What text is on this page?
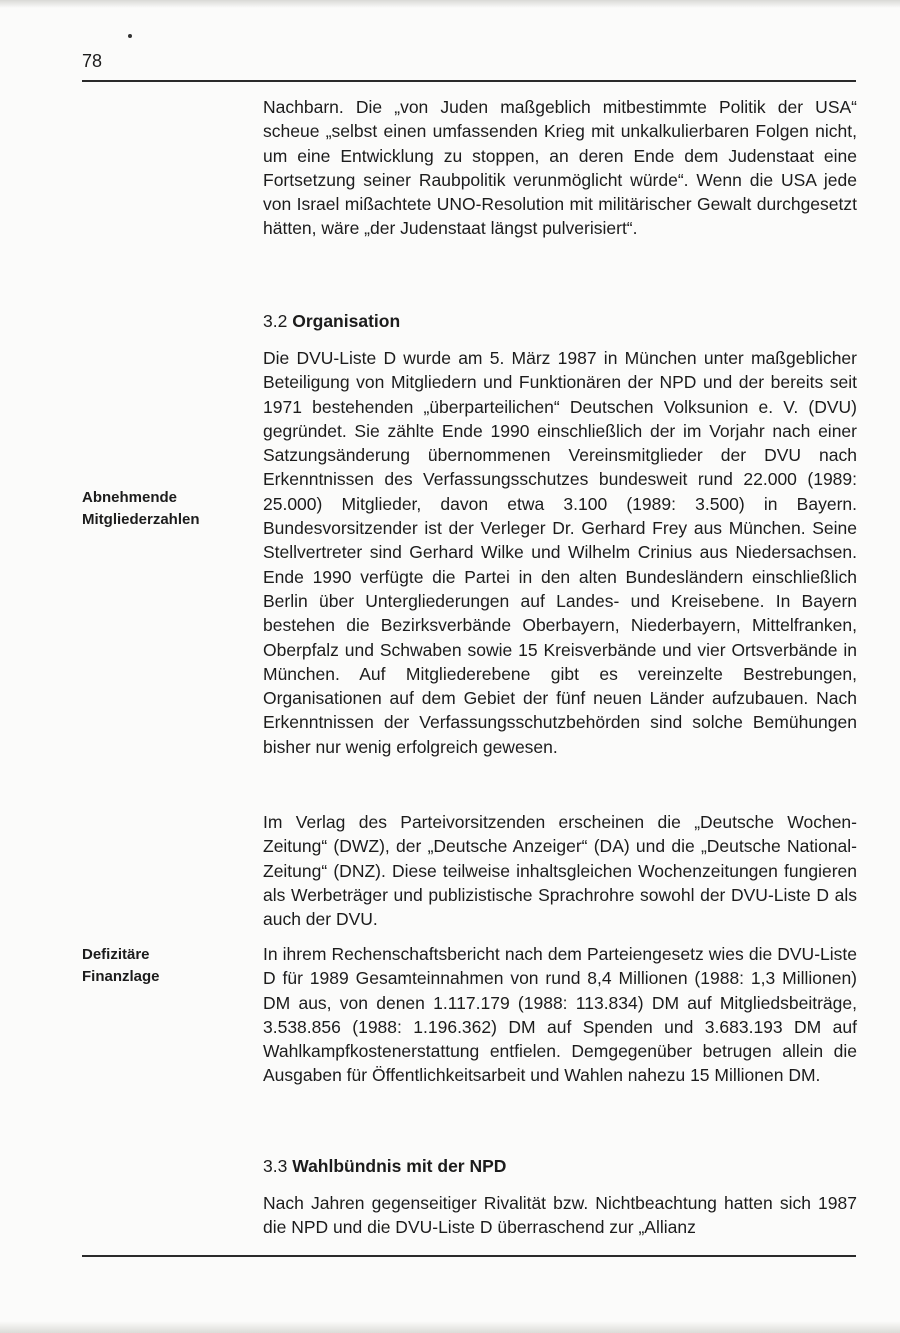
78

Nachbarn. Die „von Juden maßgeblich mitbestimmte Politik der USA“ scheue „selbst einen umfassenden Krieg mit unkalkulierbaren Folgen nicht, um eine Entwicklung zu stoppen, an deren Ende dem Judenstaat eine Fortsetzung seiner Raubpolitik verunmöglicht würde“. Wenn die USA jede von Israel mißachtete UNO-Resolution mit militärischer Gewalt durchgesetzt hätten, wäre „der Judenstaat längst pulverisiert“.

3.2 Organisation

Die DVU-Liste D wurde am 5. März 1987 in München unter maßgeblicher Beteiligung von Mitgliedern und Funktionären der NPD und der bereits seit 1971 bestehenden „überparteilichen“ Deutschen Volksunion e. V. (DVU) gegründet. Sie zählte Ende 1990 einschließlich der im Vorjahr nach einer Satzungsänderung übernommenen Vereinsmitglieder der DVU nach Erkenntnissen des Verfassungsschutzes bundesweit rund 22.000 (1989: 25.000) Mitglieder, davon etwa 3.100 (1989: 3.500) in Bayern. Bundesvorsitzender ist der Verleger Dr. Gerhard Frey aus München. Seine Stellvertreter sind Gerhard Wilke und Wilhelm Crinius aus Niedersachsen. Ende 1990 verfügte die Partei in den alten Bundesländern einschließlich Berlin über Untergliederungen auf Landes- und Kreisebene. In Bayern bestehen die Bezirksverbände Oberbayern, Niederbayern, Mittelfranken, Oberpfalz und Schwaben sowie 15 Kreisverbände und vier Ortsverbände in München. Auf Mitgliederebene gibt es vereinzelte Bestrebungen, Organisationen auf dem Gebiet der fünf neuen Länder aufzubauen. Nach Erkenntnissen der Verfassungsschutzbehörden sind solche Bemühungen bisher nur wenig erfolgreich gewesen.

Abnehmende
Mitgliederzahlen

Im Verlag des Parteivorsitzenden erscheinen die „Deutsche Wochen-Zeitung“ (DWZ), der „Deutsche Anzeiger“ (DA) und die „Deutsche National-Zeitung“ (DNZ). Diese teilweise inhaltsgleichen Wochenzeitungen fungieren als Werbeträger und publizistische Sprachrohre sowohl der DVU-Liste D als auch der DVU.

Defizitäre
Finanzlage

In ihrem Rechenschaftsbericht nach dem Parteiengesetz wies die DVU-Liste D für 1989 Gesamteinnahmen von rund 8,4 Millionen (1988: 1,3 Millionen) DM aus, von denen 1.117.179 (1988: 113.834) DM auf Mitgliedsbeiträge, 3.538.856 (1988: 1.196.362) DM auf Spenden und 3.683.193 DM auf Wahlkampfkostenerstattung entfielen. Demgegenüber betrugen allein die Ausgaben für Öffentlichkeitsarbeit und Wahlen nahezu 15 Millionen DM.

3.3 Wahlbündnis mit der NPD

Nach Jahren gegenseitiger Rivalität bzw. Nichtbeachtung hatten sich 1987 die NPD und die DVU-Liste D überraschend zur „Allianz
